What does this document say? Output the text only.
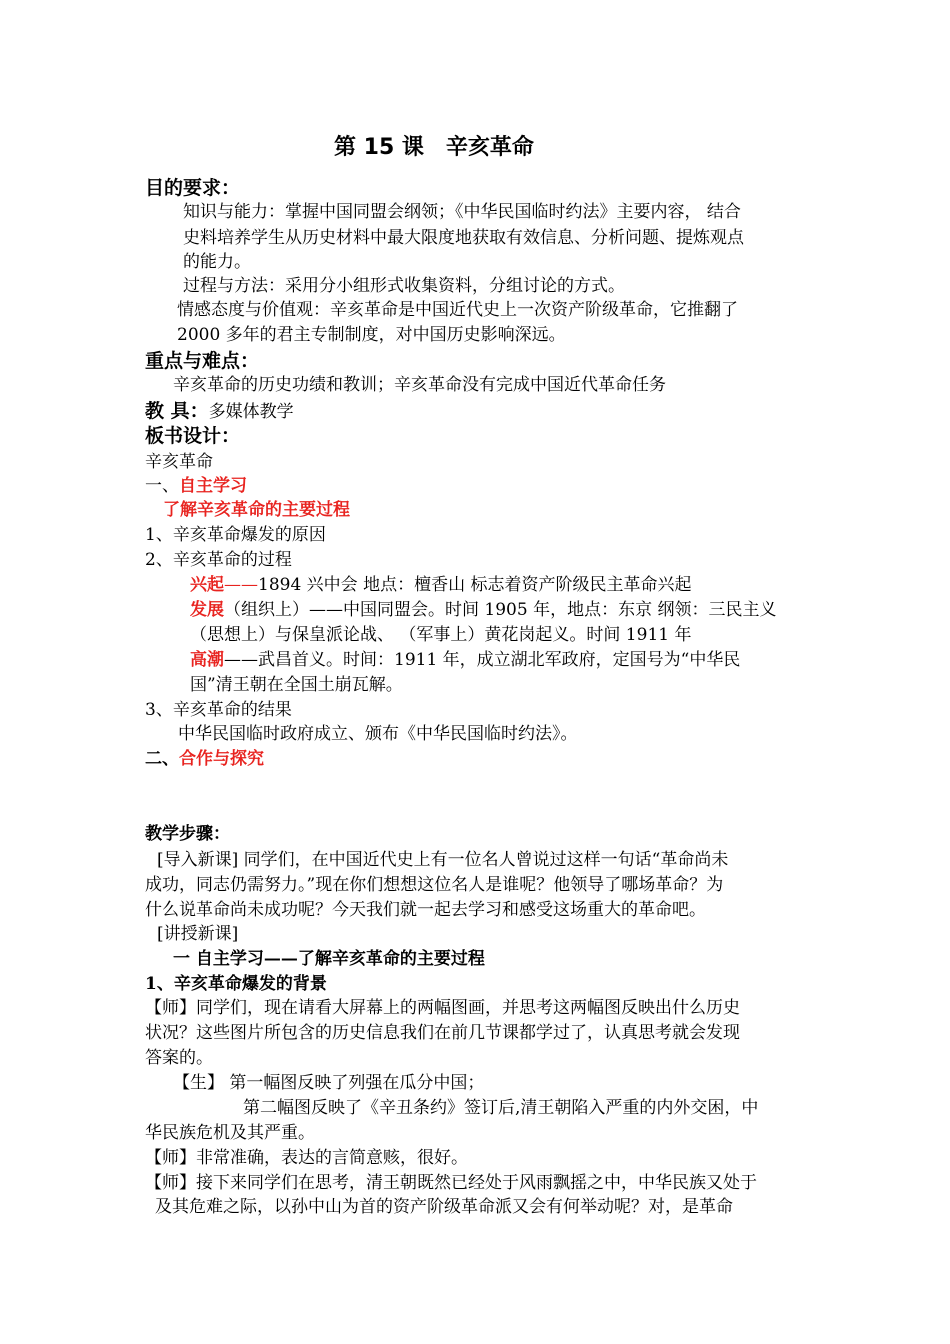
第 15 课　辛亥革命
目的要求：
知识与能力：掌握中国同盟会纲领；《中华民国临时约法》主要内容， 结合
史料培养学生从历史材料中最大限度地获取有效信息、分析问题、提炼观点
的能力。
过程与方法：采用分小组形式收集资料，分组讨论的方式。
情感态度与价值观：辛亥革命是中国近代史上一次资产阶级革命，它推翻了
2000 多年的君主专制制度，对中国历史影响深远。
重点与难点：
辛亥革命的历史功绩和教训；辛亥革命没有完成中国近代革命任务
教 具：多媒体教学
板书设计：
辛亥革命
一、自主学习
了解辛亥革命的主要过程
1、辛亥革命爆发的原因
2、辛亥革命的过程
兴起——1894 兴中会 地点：檀香山 标志着资产阶级民主革命兴起
发展（组织上）——中国同盟会。时间 1905 年，地点：东京 纲领：三民主义
（思想上）与保皇派论战、 （军事上）黄花岗起义。时间 1911 年
高潮——武昌首义。时间：1911 年，成立湖北军政府，定国号为“中华民
国”清王朝在全国土崩瓦解。
3、辛亥革命的结果
中华民国临时政府成立、颁布《中华民国临时约法》。
二、合作与探究
教学步骤：
[导入新课] 同学们，在中国近代史上有一位名人曾说过这样一句话“革命尚未
成功，同志仍需努力。”现在你们想想这位名人是谁呢？他领导了哪场革命？为
什么说革命尚未成功呢？今天我们就一起去学习和感受这场重大的革命吧。
[讲授新课]
一 自主学习——了解辛亥革命的主要过程
1、辛亥革命爆发的背景
【师】同学们，现在请看大屏幕上的两幅图画，并思考这两幅图反映出什么历史
状况？这些图片所包含的历史信息我们在前几节课都学过了，认真思考就会发现
答案的。
【生】 第一幅图反映了列强在瓜分中国；
第二幅图反映了《辛丑条约》签订后,清王朝陷入严重的内外交困，中
华民族危机及其严重。
【师】非常准确，表达的言简意赅，很好。
【师】接下来同学们在思考，清王朝既然已经处于风雨飘摇之中，中华民族又处于
及其危难之际，以孙中山为首的资产阶级革命派又会有何举动呢？对，是革命
